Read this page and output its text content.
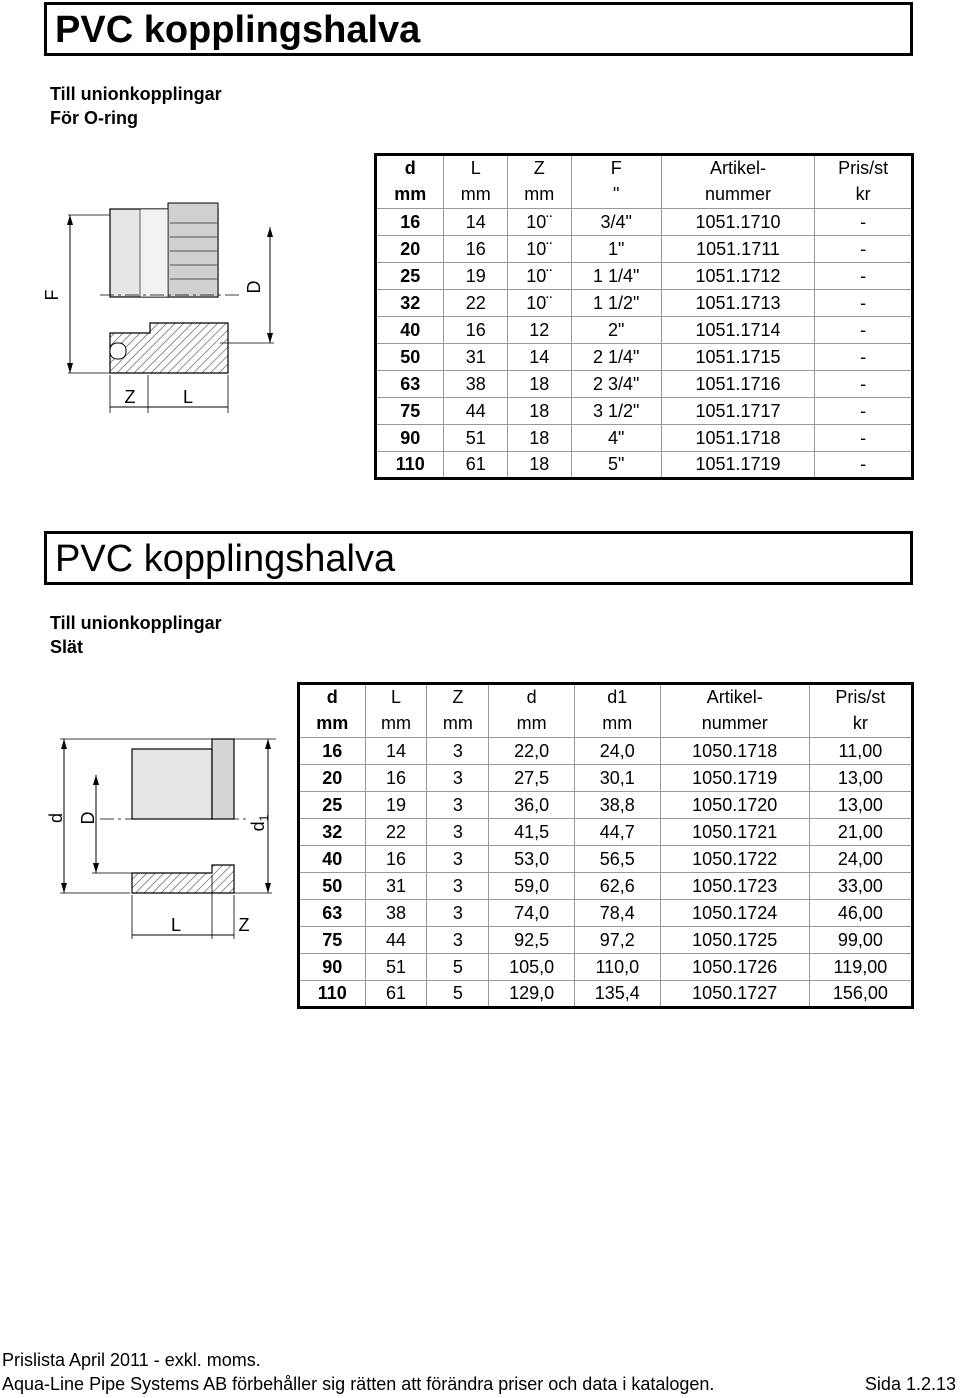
PVC kopplingshalva
Till unionkopplingar
För O-ring
F
D
Z	L
d	L	Z	F	Artikel-	Pris/st
mm	mm	mm	"	nummer	kr
16	14	10¨	3/4"	1051.1710	-
20	16	10¨	1"	1051.1711	-
25	19	10¨	1 1/4"	1051.1712	-
32	22	10¨	1 1/2"	1051.1713	-
40	16	12	2"	1051.1714	-
50	31	14	2 1/4"	1051.1715	-
63	38	18	2 3/4"	1051.1716	-
75	44	18	3 1/2"	1051.1717	-
90	51	18	4"	1051.1718	-
110	61	18	5"	1051.1719	-
PVC kopplingshalva
Till unionkopplingar
Slät
d D
$d_1$
L	Z
d	L	Z	d	d1	Artikel-	Pris/st
mm	mm	mm	mm	mm	nummer	kr
16	14	3	22,0	24,0	1050.1718	11,00
20	16	3	27,5	30,1	1050.1719	13,00
25	19	3	36,0	38,8	1050.1720	13,00
32	22	3	41,5	44,7	1050.1721	21,00
40	16	3	53,0	56,5	1050.1722	24,00
50	31	3	59,0	62,6	1050.1723	33,00
63	38	3	74,0	78,4	1050.1724	46,00
75	44	3	92,5	97,2	1050.1725	99,00
90	51	5	105,0	110,0	1050.1726	119,00
110	61	5	129,0	135,4	1050.1727	156,00
Prislista April 2011 - exkl. moms.
Aqua-Line Pipe Systems AB förbehåller sig rätten att förändra priser och data i katalogen.	Sida 1.2.13
